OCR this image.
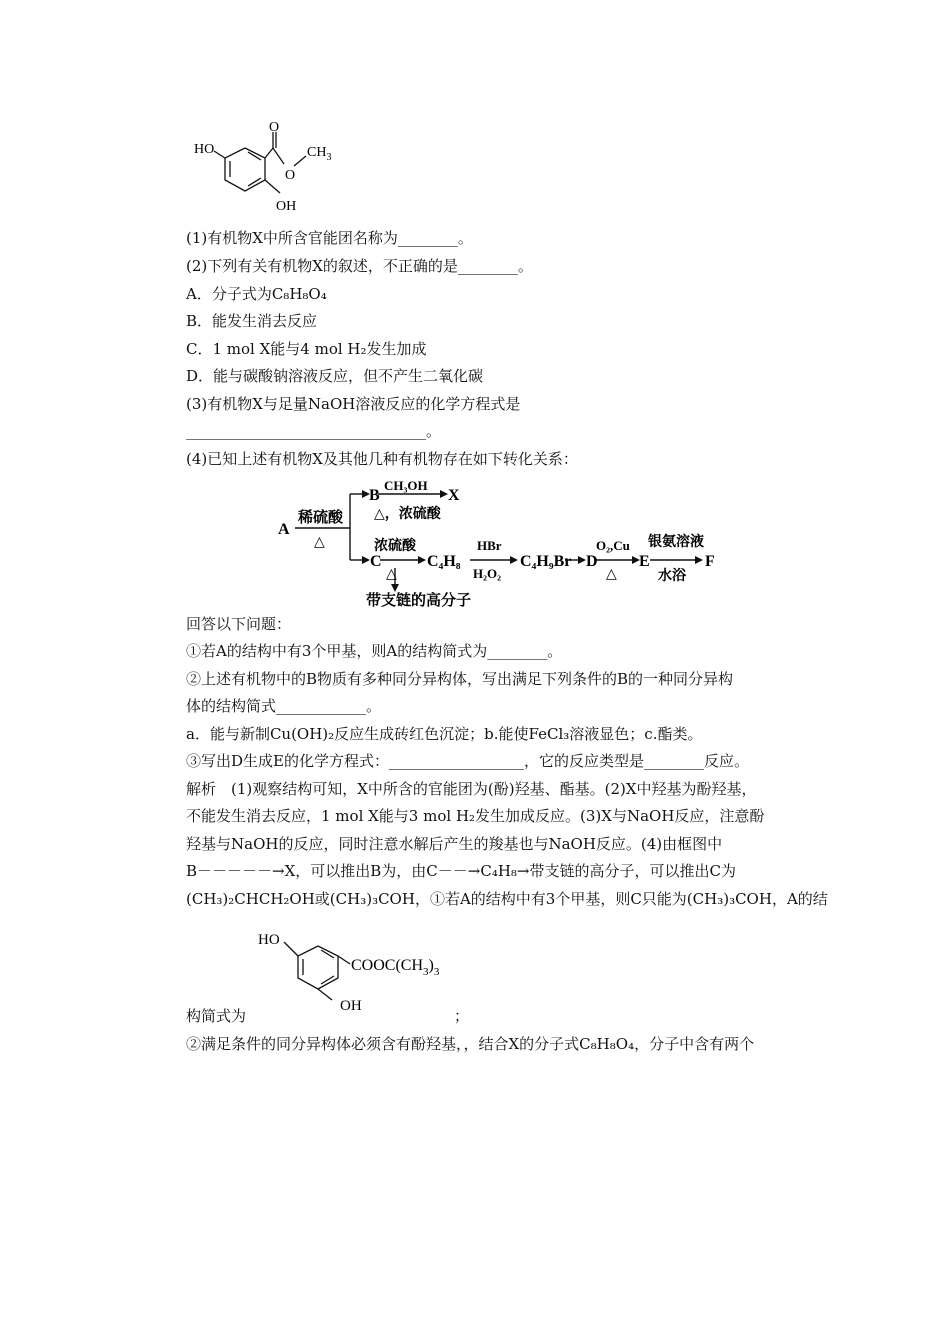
HO
O
O
$CH_3$
OH
(1)有机物X中所含官能团名称为________。
(2)下列有关有机物X的叙述，不正确的是________。
A．分子式为C₈H₈O₄
B．能发生消去反应
C．1 mol X能与4 mol H₂发生加成
D．能与碳酸钠溶液反应，但不产生二氧化碳
(3)有机物X与足量NaOH溶液反应的化学方程式是
________________________________。
(4)已知上述有机物X及其他几种有机物存在如下转化关系：
A
稀硫酸
△
B
CH₃OH
X
△，浓硫酸
C
浓硫酸
△
C₄H₈
HBr
H₂O₂
C₄H₉Br D
O₂,Cu
△
E
银氨溶液
水浴
F
带支链的高分子
回答以下问题：
①若A的结构中有3个甲基，则A的结构简式为________。
②上述有机物中的B物质有多种同分异构体，写出满足下列条件的B的一种同分异构
体的结构简式____________。
a．能与新制Cu(OH)₂反应生成砖红色沉淀；b.能使FeCl₃溶液显色；c.酯类。
③写出D生成E的化学方程式：__________________，它的反应类型是________反应。
解析　(1)观察结构可知，X中所含的官能团为(酚)羟基、酯基。(2)X中羟基为酚羟基，
不能发生消去反应，1 mol X能与3 mol H₂发生加成反应。(3)X与NaOH反应，注意酚
羟基与NaOH的反应，同时注意水解后产生的羧基也与NaOH反应。(4)由框图中
B－－－－－→X，可以推出B为，由C－－→C₄H₈→带支链的高分子，可以推出C为
(CH₃)₂CHCH₂OH或(CH₃)₃COH，①若A的结构中有3个甲基，则C只能为(CH₃)₃COH，A的结
HO
$COOC(CH_3)_3$
OH
构简式为	；
②满足条件的同分异构体必须含有酚羟基，，结合X的分子式C₈H₈O₄，分子中含有两个
